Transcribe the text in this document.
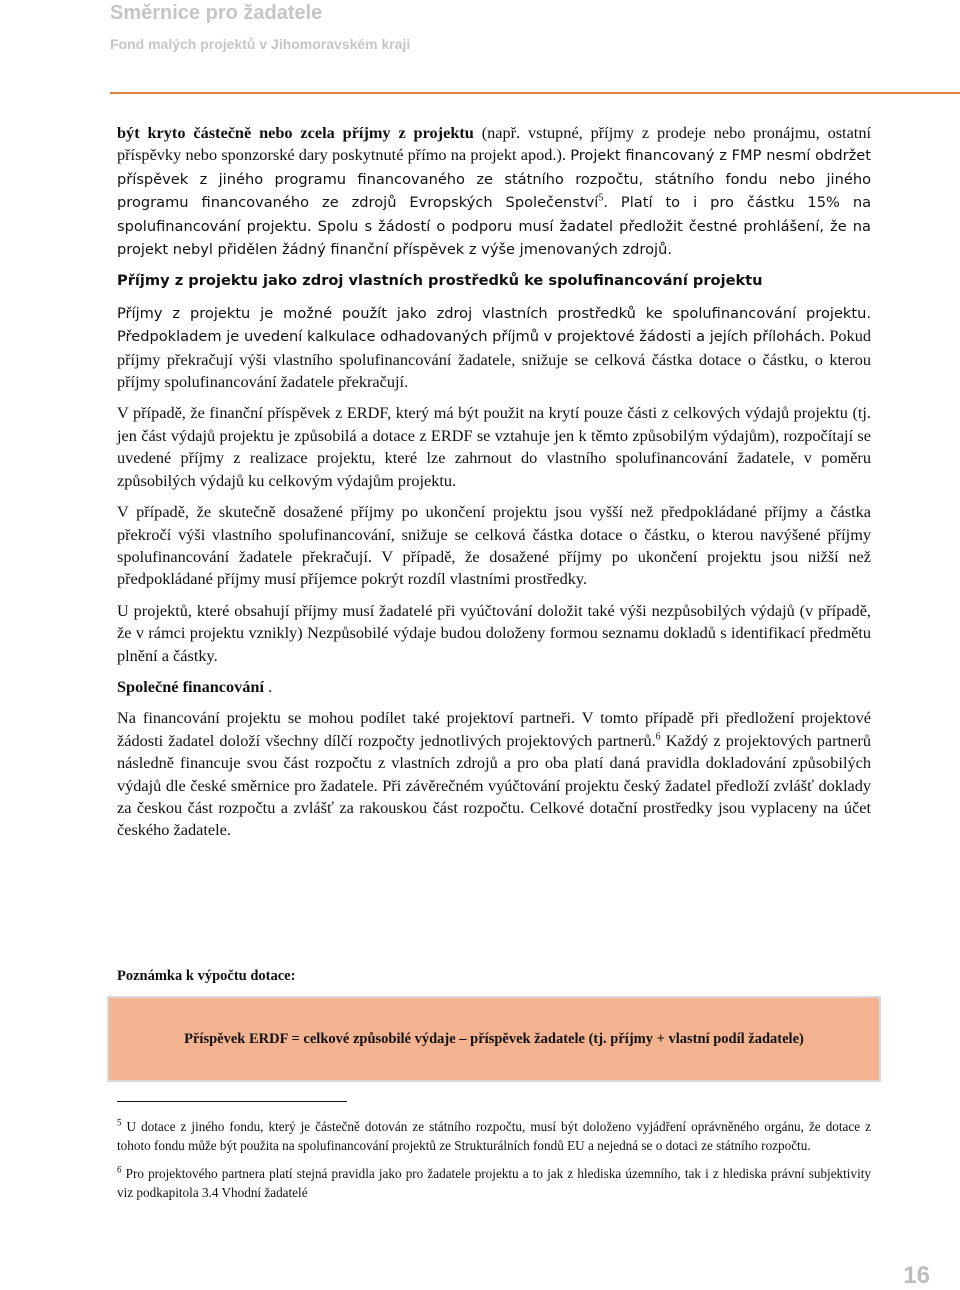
Směrnice pro žadatele
Fond malých projektů v Jihomoravském kraji

být kryto částečně nebo zcela příjmy z projektu (např. vstupné, příjmy z prodeje nebo pronájmu, ostatní příspěvky nebo sponzorské dary poskytnuté přímo na projekt apod.). Projekt financovaný z FMP nesmí obdržet příspěvek z jiného programu financovaného ze státního rozpočtu, státního fondu nebo jiného programu financovaného ze zdrojů Evropských Společenství$^5$. Platí to i pro částku 15% na spolufinancování projektu. Spolu s žádostí o podporu musí žadatel předložit čestné prohlášení, že na projekt nebyl přidělen žádný finanční příspěvek z výše jmenovaných zdrojů.

Příjmy z projektu jako zdroj vlastních prostředků ke spolufinancování projektu

Příjmy z projektu je možné použít jako zdroj vlastních prostředků ke spolufinancování projektu. Předpokladem je uvedení kalkulace odhadovaných příjmů v projektové žádosti a jejích přílohách. Pokud příjmy překračují výši vlastního spolufinancování žadatele, snižuje se celková částka dotace o částku, o kterou příjmy spolufinancování žadatele překračují.

V případě, že finanční příspěvek z ERDF, který má být použit na krytí pouze části z celkových výdajů projektu (tj. jen část výdajů projektu je způsobilá a dotace z ERDF se vztahuje jen k těmto způsobilým výdajům), rozpočítají se uvedené příjmy z realizace projektu, které lze zahrnout do vlastního spolufinancování žadatele, v poměru způsobilých výdajů ku celkovým výdajům projektu.

V případě, že skutečně dosažené příjmy po ukončení projektu jsou vyšší než předpokládané příjmy a částka překročí výši vlastního spolufinancování, snižuje se celková částka dotace o částku, o kterou navýšené příjmy spolufinancování žadatele překračují. V případě, že dosažené příjmy po ukončení projektu jsou nižší než předpokládané příjmy musí příjemce pokrýt rozdíl vlastními prostředky.

U projektů, které obsahují příjmy musí žadatelé při vyúčtování doložit také výši nezpůsobilých výdajů (v případě, že v rámci projektu vznikly) Nezpůsobilé výdaje budou doloženy formou seznamu dokladů s identifikací předmětu plnění a částky.

Společné financování .

Na financování projektu se mohou podílet také projektoví partneři. V tomto případě při předložení projektové žádosti žadatel doloží všechny dílčí rozpočty jednotlivých projektových partnerů.$^6$ Každý z projektových partnerů následně financuje svou část rozpočtu z vlastních zdrojů a pro oba platí daná pravidla dokladování způsobilých výdajů dle české směrnice pro žadatele. Při závěrečném vyúčtování projektu český žadatel předloží zvlášť doklady za českou část rozpočtu a zvlášť za rakouskou část rozpočtu. Celkové dotační prostředky jsou vyplaceny na účet českého žadatele.

Poznámka k výpočtu dotace:
Příspěvek ERDF = celkové způsobilé výdaje – příspěvek žadatele (tj. příjmy + vlastní podíl žadatele)

$^5$ U dotace z jiného fondu, který je částečně dotován ze státního rozpočtu, musí být doloženo vyjádření oprávněného orgánu, že dotace z tohoto fondu může být použita na spolufinancování projektů ze Strukturálních fondů EU a nejedná se o dotaci ze státního rozpočtu.

$^6$ Pro projektového partnera platí stejná pravidla jako pro žadatele projektu a to jak z hlediska územního, tak i z hlediska právní subjektivity viz podkapitola 3.4 Vhodní žadatelé

16
